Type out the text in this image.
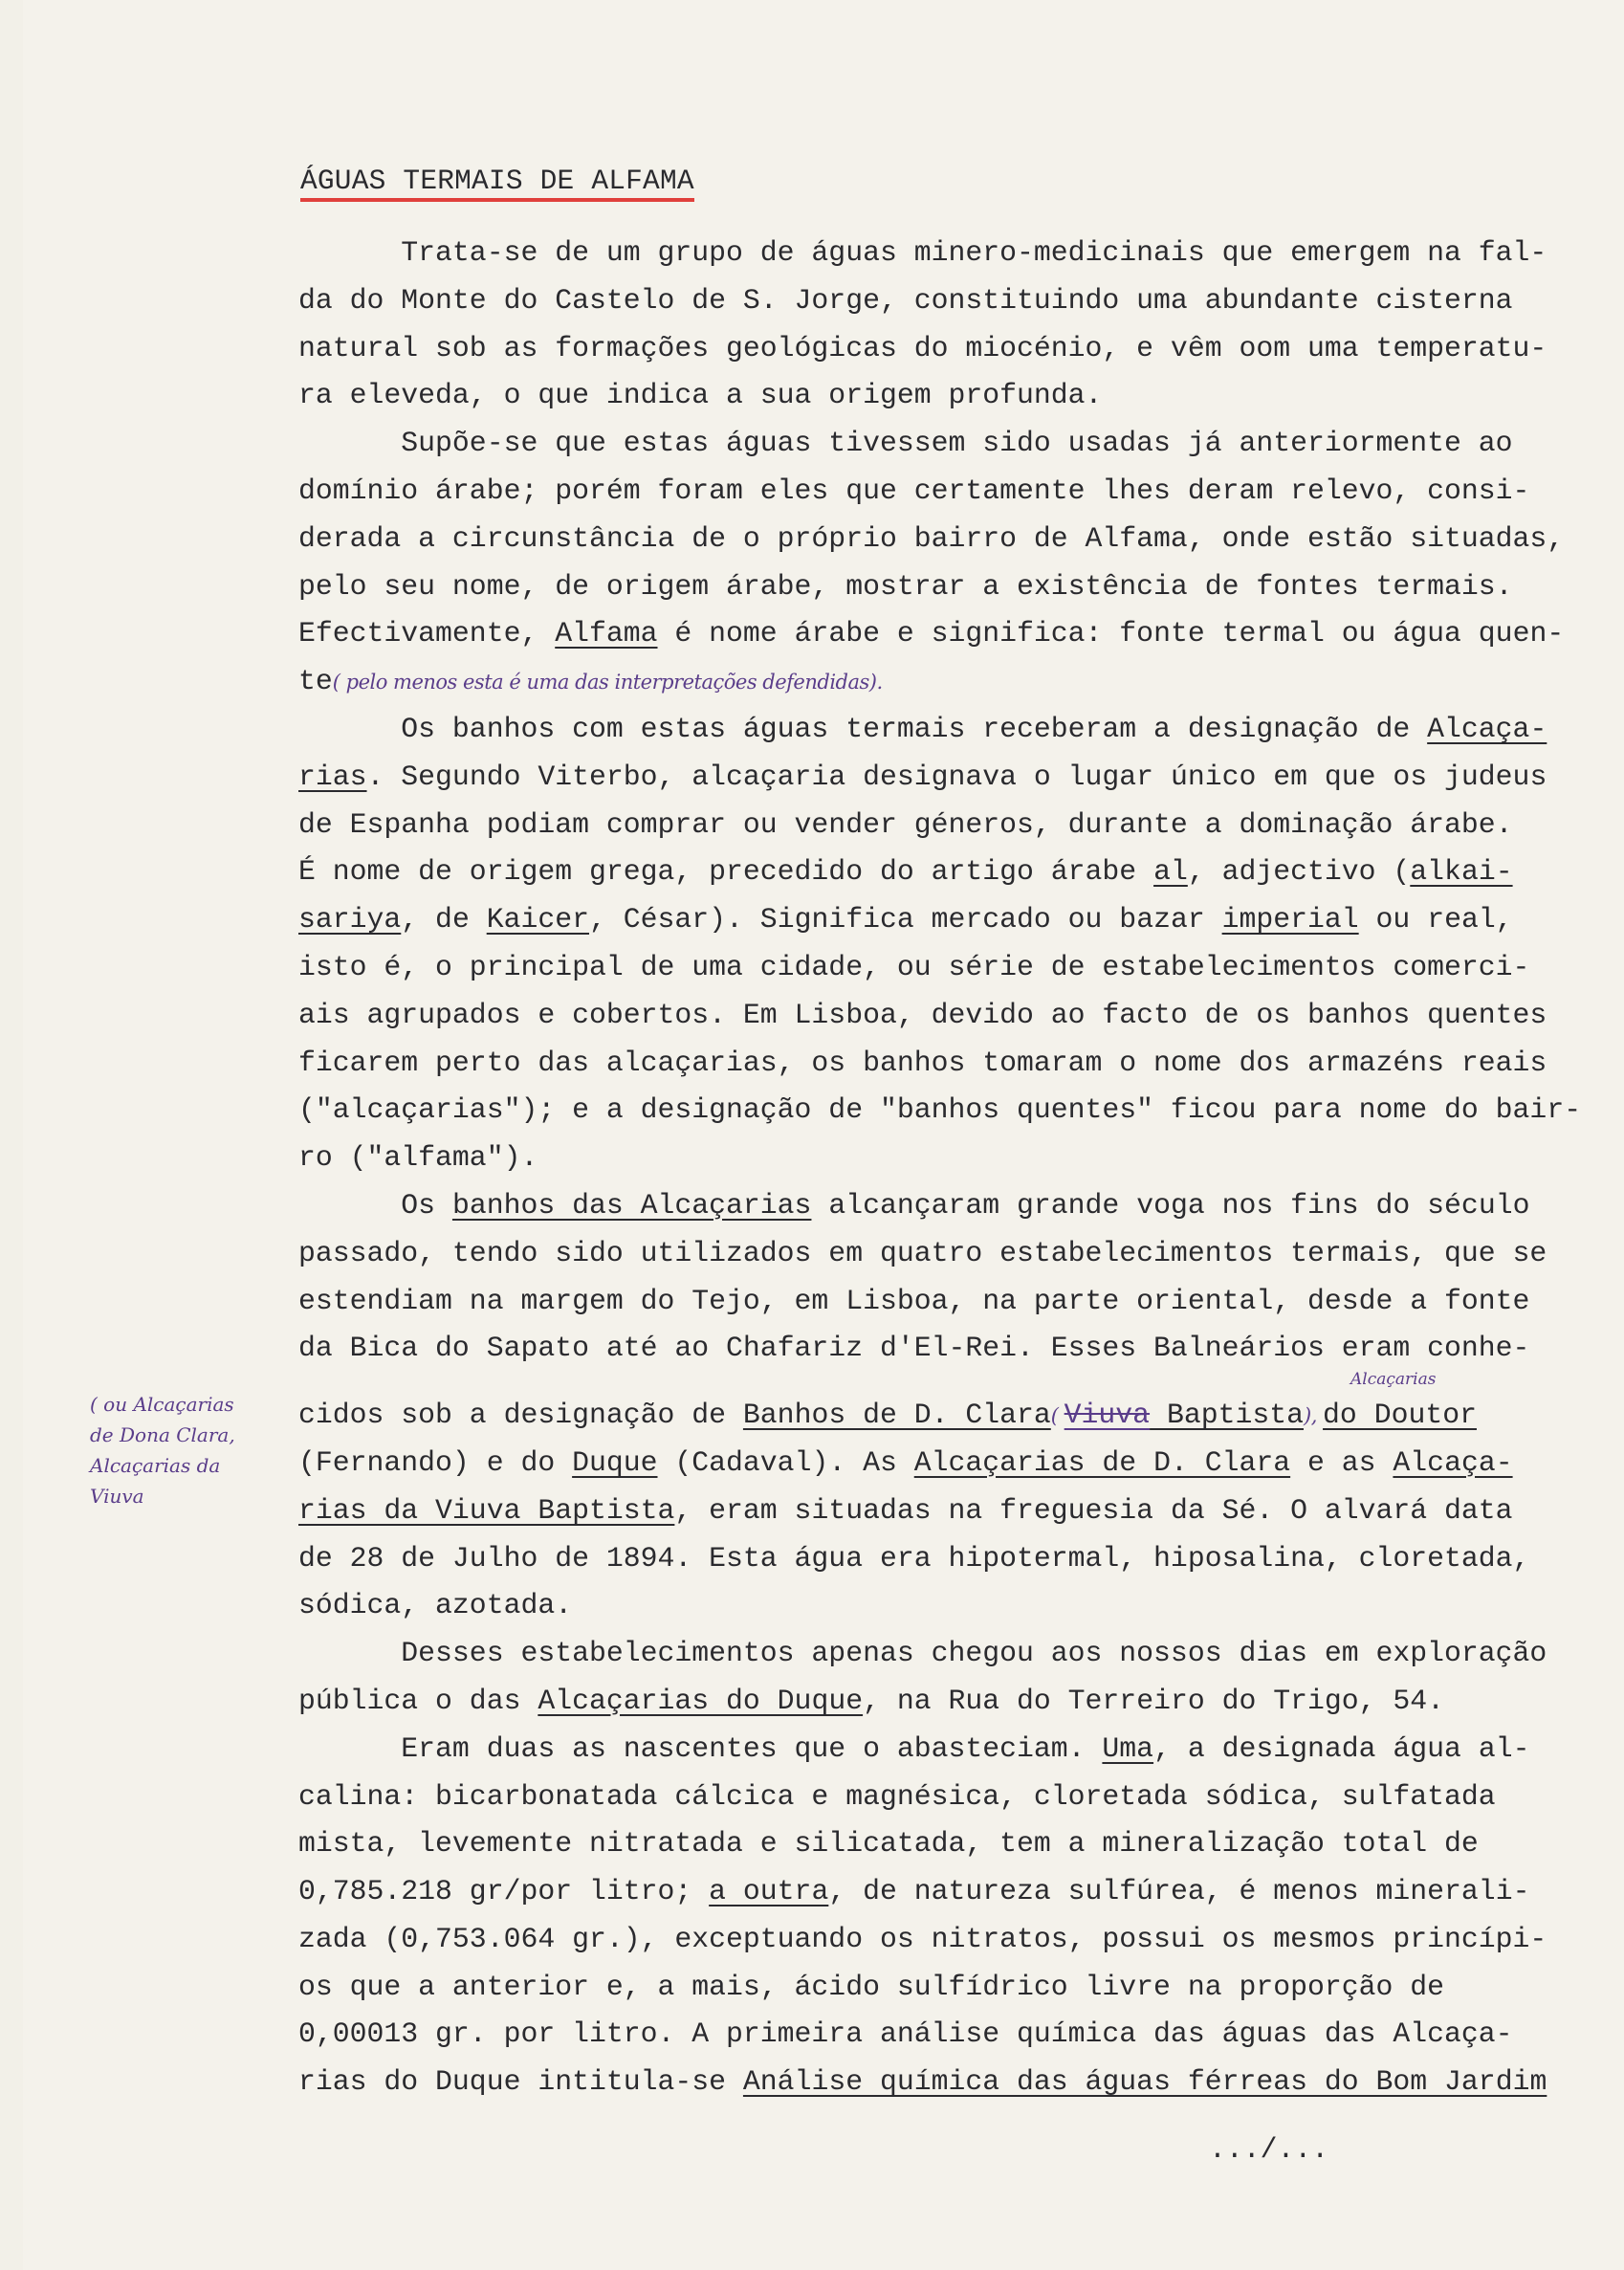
ÁGUAS TERMAIS DE ALFAMA
Trata-se de um grupo de águas minero-medicinais que emergem na fal-
da do Monte do Castelo de S. Jorge, constituindo uma abundante cisterna
natural sob as formações geológicas do miocénio, e vêm oom uma temperatu-
ra eleveda, o que indica a sua origem profunda.
Supõe-se que estas águas tivessem sido usadas já anteriormente ao
domínio árabe; porém foram eles que certamente lhes deram relevo, consi-
derada a circunstância de o próprio bairro de Alfama, onde estão situadas,
pelo seu nome, de origem árabe, mostrar a existência de fontes termais.
Efectivamente, Alfama é nome árabe e significa: fonte termal ou água quen-
te( pelo menos esta é uma das interpretações defendidas).
Os banhos com estas águas termais receberam a designação de Alcaça-
rias. Segundo Viterbo, alcaçaria designava o lugar único em que os judeus
de Espanha podiam comprar ou vender géneros, durante a dominação árabe.
É nome de origem grega, precedido do artigo árabe al, adjectivo (alkai-
sariya, de Kaicer, César). Significa mercado ou bazar imperial ou real,
isto é, o principal de uma cidade, ou série de estabelecimentos comerci-
ais agrupados e cobertos. Em Lisboa, devido ao facto de os banhos quentes
ficarem perto das alcaçarias, os banhos tomaram o nome dos armazéns reais
("alcaçarias"); e a designação de "banhos quentes" ficou para nome do bair-
ro ("alfama").
Os banhos das Alcaçarias alcançaram grande voga nos fins do século
passado, tendo sido utilizados em quatro estabelecimentos termais, que se
estendiam na margem do Tejo, em Lisboa, na parte oriental, desde a fonte
da Bica do Sapato até ao Chafariz d'El-Rei. Esses Balneários eram conhe-
cidos sob a designação de Banhos de D. Clara( Viuva Baptista), do Doutor
(Fernando) e do Duque (Cadaval). As Alcaçarias de D. Clara e as Alcaça-
rias da Viuva Baptista, eram situadas na freguesia da Sé. O alvará data
de 28 de Julho de 1894. Esta água era hipotermal, hiposalina, cloretada,
sódica, azotada.
Desses estabelecimentos apenas chegou aos nossos dias em exploração
pública o das Alcaçarias do Duque, na Rua do Terreiro do Trigo, 54.
Eram duas as nascentes que o abasteciam. Uma, a designada água al-
calina: bicarbonatada cálcica e magnésica, cloretada sódica, sulfatada
mista, levemente nitratada e silicatada, tem a mineralização total de
0,785.218 gr/por litro; a outra, de natureza sulfúrea, é menos minerali-
zada (0,753.064 gr.), exceptuando os nitratos, possui os mesmos princípi-
os que a anterior e, a mais, ácido sulfídrico livre na proporção de
0,00013 gr. por litro. A primeira análise química das águas das Alcaça-
rias do Duque intitula-se Análise química das águas férreas do Bom Jardim
( ou Alcaçarias
de Dona Clara,
Alcaçarias da
Viuva
Alcaçarias
.../...
